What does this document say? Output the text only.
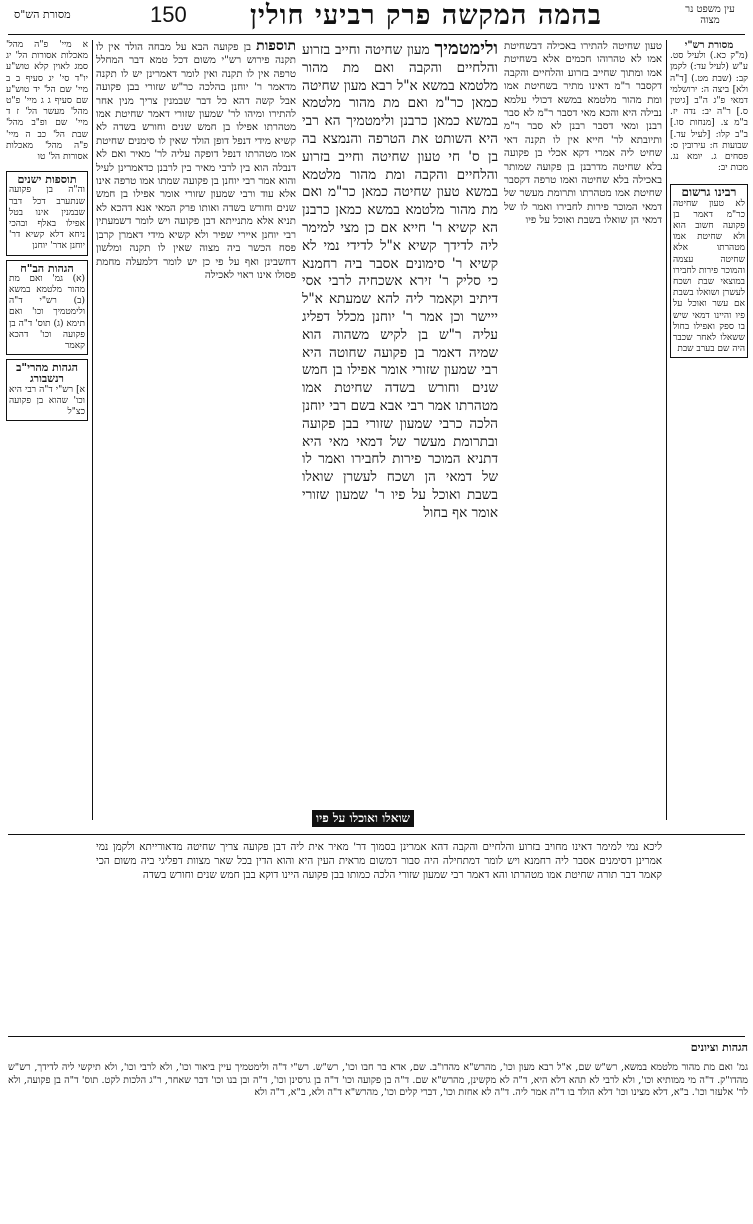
מסורת הש"ס	150 בהמה המקשה פרק רביעי חולין	עין משפט נר מצוה

א מיי' פ"ה מהל' מאכלות אסורות הל' יג סמג לאוין קלא טוש"ע יו"ד סי' יג סעיף ב ב מיי' שם הל' יד טוש"ע שם סעיף ג ג מיי' פ"ט מהל' מעשר הל' ז ד מיי' שם ופ"ב מהל' שבת הל' כב ה מיי' פ"ה מהל' מאכלות אסורות הל' טו

תוספות ישנים

וה"ה בן פקועה שנתערב דכל דבר שבמנין אינו בטל אפילו באלף ובהכי ניחא דלא קשיא דר' יוחנן אדר' יוחנן

הגהות הב"ח

(א) גמ' ואם מת מהור מלטמא במשא (ב) רש"י ד"ה ולימטמיך וכו' ואם תימא (ג) תוס' ד"ה בן פקועה וכו' דהכא קאמר

הגהות מהרי"ב רנשבורג

א] רש"י ד"ה רבי היא וכו' שהוא בן פקועה כצ"ל

תוספות בן פקועה הבא על מבחה הולד אין לו תקנה פירוש רש"י משום דכל טמא דבר המחלל טרפה אין לו תקנה ואין לומר דאמרינן יש לו תקנה מדאמר ר' יוחנן בהלכה כר"ש שזורי בבן פקועה אבל קשה דהא כל דבר שבמנין צריך מנין אחר להתירו ומיהו לר' שמעון שזורי דאמר שחיטת אמו מטהרתו אפילו בן חמש שנים וחורש בשדה לא קשיא מידי דנפל דופן הולד שאין לו סימנים שחיטת אמו מטהרתו דנפל דופקה עליה לר' מאיר ואם לא דנבלה הוא בין לרבי מאיר בין לרבנן כדאמרינן לעיל והוא אמר רבי יוחנן בן פקועה שמתו אמו טרפה אינו אלא עוד ורבי שמעון שזורי אומר אפילו בן חמש שנים וחורש בשדה ואותו פרק המאי אנא דהכא לא תניא אלא מתנייתא דבן פקועה ויש לומר דשמעתין רבי יוחנן איירי שפיר ולא קשיא מידי דאמרן קרבן פסח הכשר ביה מצוה שאין לו תקנה ומלשון דחשבינן ואף על פי כן יש לומר דלמעלה מחמת פסולו אינו ראוי לאכילה
ולימטמיך מעון שחיטה וחייב בזרוע והלחיים והקבה ואם מת מהור מלטמא במשא א"ל רבא מעון שחיטה כמאן כר"מ ואם מת מהור מלטמא במשא כמאן כרבנן ולימטמיך הא רבי היא השותט את הטרפה והנמצא בה בן ס' חי טעון שחיטה וחייב בזרוע והלחיים והקבה ומת מהור מלטמא במשא טעון שחיטה כמאן כר"מ ואם מת מהור מלטמא במשא כמאן כרבנן הא קשיא ר' חייא אם כן מצי למימר ליה לדידך קשיא א"ל לדידי נמי לא קשיא ר' סימונים אסבר ביה רחמנא כי סליק ר' זירא אשכחיה לרבי אסי דיתיב וקאמר ליה להא שמעתא א"ל ייישר וכן אמר ר' יוחנן מכלל דפליג עליה ר"ש בן לקיש משהוה הוא שמיה דאמר בן פקועה שחוטה היא רבי שמעון שזורי אומר אפילו בן חמש שנים וחורש בשדה שחיטת אמו מטהרתו אמר רבי אבא בשם רבי יוחנן הלכה כרבי שמעון שזורי בבן פקועה ובתרומת מעשר של דמאי מאי היא דתניא המוכר פירות לחבירו ואמר לו של דמאי הן ושכח לעשרן שואלו בשבת ואוכל על פיו ר' שמעון שזורי אומר אף בחול
טעון שחיטה להתירו באכילה דבשחיטת אמו לא טהרוהו חכמים אלא בשחיטת אמו ומתוך שחייב בזרוע והלחיים והקבה דקסבר ר"מ דאינו מתיר בשחיטת אמו ומת מהור מלטמא במשא דכולי עלמא נבילה היא והכא מאי דסבר ר"מ לא סבר רבנן ומאי דסבר רבנן לא סבר ר"מ ותיובתא לר' חייא אין לו תקנה דאי שחיט ליה אמרי דקא אכלי בן פקועה בלא שחיטה מדרבנן בן פקועה שמותר באכילה בלא שחיטה ואמו טרפה דקסבר שחיטת אמו מטהרתו ותרומת מעשר של דמאי המוכר פירות לחבירו ואמר לו של דמאי הן שואלו בשבת ואוכל על פיו
מסורת רש"י

(מ"ק כא.) ולעיל סט. ע"ש (לעיל עד:) לקמן קב: (שבת מט.) [ד"ה ולא] ביצה ה: ירושלמי דמאי פ"ג ה"ב [גיטין ס.] ר"ה יב: נדה יז. ב"מ צ. [מנחות סו.] ב"ב קלו: [לעיל עד.] שבועות ח: עירובין ס: פסחים ג. יומא נג. מכות יב:

רבינו גרשום

לא טעון שחיטה כר"מ דאמר בן פקועה חשוב הוא ולא שחיטת אמו מטהרתו אלא שחיטה עצמה והמוכר פירות לחבירו במוצאי שבת ושכח לעשרן ושואלו בשבת אם עשר ואוכל על פיו והיינו דמאי שיש בו ספק ואפילו בחול ששאלו לאחר שכבר היה שם בערב שבת

שואלו ואוכלו על פיו
ליכא נמי למימר דאינו מחויב בזרוע והלחיים והקבה דהא אמרינן בסמוך דר' מאיר אית ליה דבן פקועה צריך שחיטה מדאורייתא ולקמן נמי אמרינן דסימנים אסבר ליה רחמנא ויש לומר דמתחילה היה סבור דמשום מראית העין היא והוא הדין בכל שאר מצוות דפליגי ביה משום הכי קאמר דבר תורה שחיטת אמו מטהרתו והא דאמר רבי שמעון שזורי הלכה כמותו בבן פקועה היינו דוקא בבן חמש שנים וחורש בשדה
הגהות וציונים
גמ' ואם מת מהור מלטמא במשא, רש"ש שם, א"ל רבא מעון וכו', מהרש"א מהדו"ב. שם, אדא בר חבו וכו', רש"ש. רש"י ד"ה ולימטמיך עיין ביאור וכו', ולא לרבי וכו', ולא תיקשי ליה לדידך, רש"ש מהדו"ק. ד"ה מי ממותיא וכו', ולא לרבי לא תהא דלא היא, ד"ה לא מקשינן, מהרש"א שם. ד"ה בן פקועה וכו' ד"ה בן גרסינן וכו', ד"ה ובן בנו וכו' דבר שאחר, ר"ג הלכות לקט. תוס' ד"ה בן פקועה, ולא לר' אלעזר וכו'. ב"א, דלא מצינו וכו' דלא הולד בו ד"ה אמר ליה. ד"ה לא אחזת וכו', דברי קלים וכו', מהרש"א ד"ה ולא, ב"א, ד"ה ולא
